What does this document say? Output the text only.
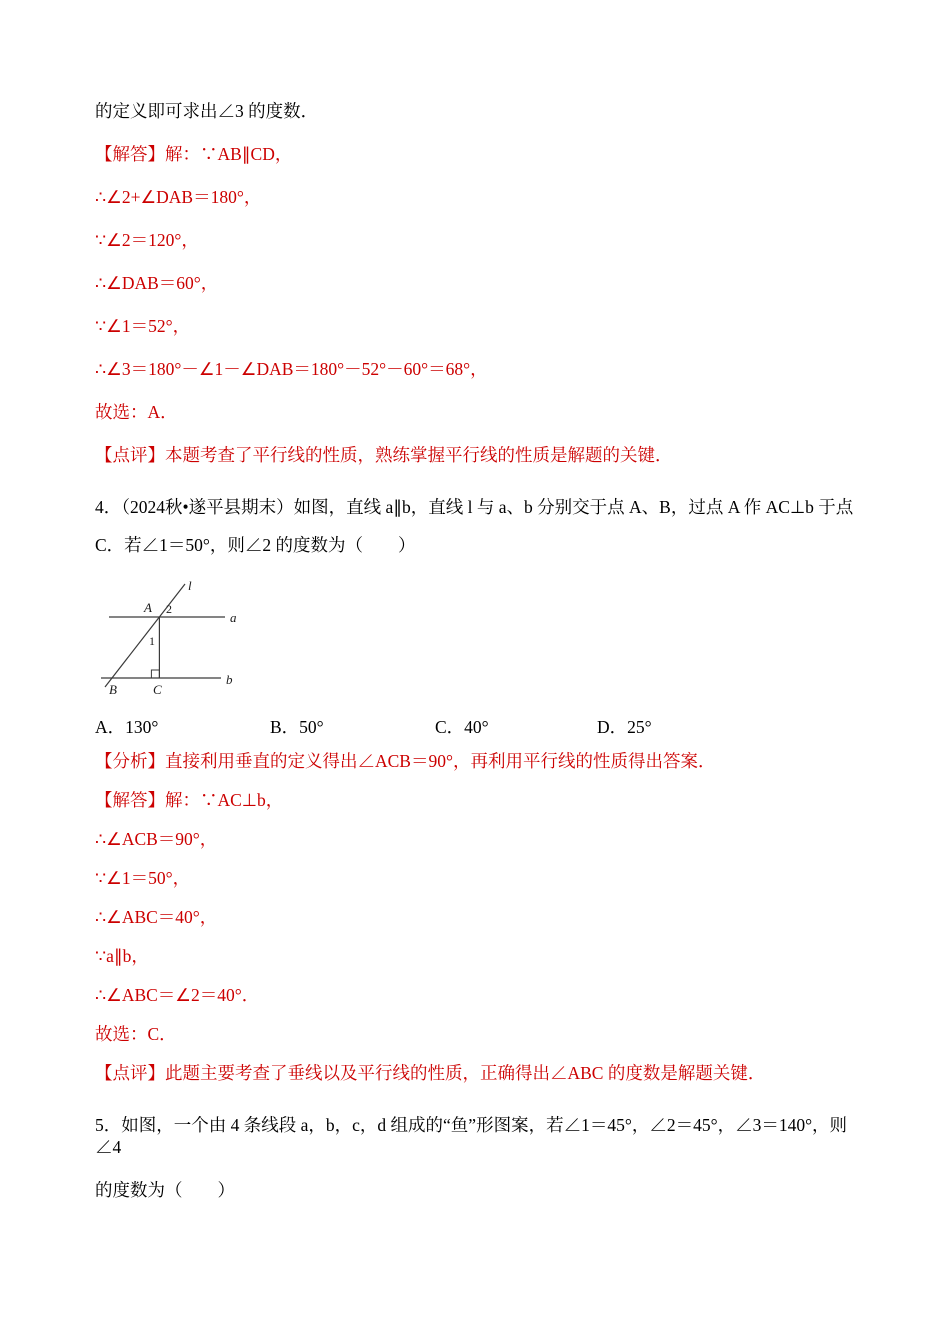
的定义即可求出∠3 的度数．

【解答】解：∵AB∥CD，

∴∠2+∠DAB＝180°，

∵∠2＝120°，

∴∠DAB＝60°，

∵∠1＝52°，

∴∠3＝180°－∠1－∠DAB＝180°－52°－60°＝68°，

故选：A．

【点评】本题考查了平行线的性质，熟练掌握平行线的性质是解题的关键．

4．（2024秋•遂平县期末）如图，直线 a∥b，直线 l 与 a、b 分别交于点 A、B，过点 A 作 AC⊥b 于点

C．若∠1＝50°，则∠2 的度数为（　　）

l
A 2
a
1
B	C
b
A．130°	B．50°	C．40°	D．25°

【分析】直接利用垂直的定义得出∠ACB＝90°，再利用平行线的性质得出答案．

【解答】解：∵AC⊥b，

∴∠ACB＝90°，

∵∠1＝50°，

∴∠ABC＝40°，

∵a∥b，

∴∠ABC＝∠2＝40°．

故选：C．

【点评】此题主要考查了垂线以及平行线的性质，正确得出∠ABC 的度数是解题关键．

5．如图，一个由 4 条线段 a，b，c，d 组成的“鱼”形图案，若∠1＝45°，∠2＝45°，∠3＝140°，则∠4

的度数为（　　）
